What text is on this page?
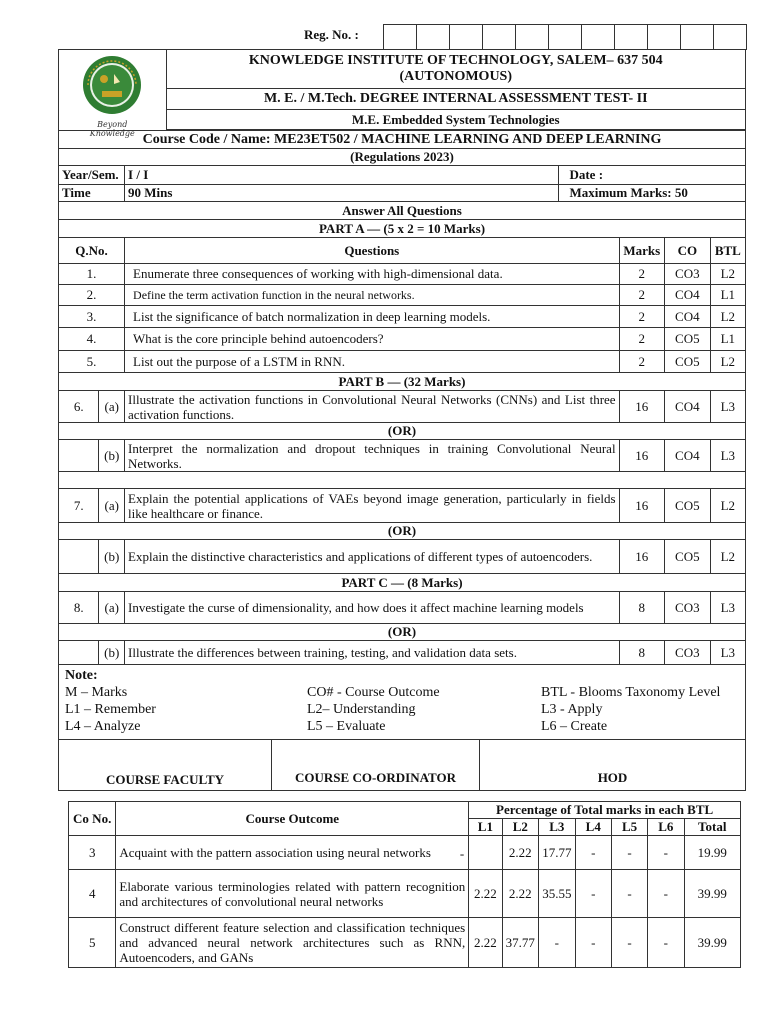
Reg. No. :
Beyond Knowledge

KNOWLEDGE INSTITUTE OF TECHNOLOGY, SALEM– 637 504
(AUTONOMOUS)

M. E. / M.Tech. DEGREE INTERNAL ASSESSMENT TEST- II
M.E. Embedded System Technologies

Course Code / Name: ME23ET502 / MACHINE LEARNING AND DEEP LEARNING
(Regulations 2023)
Year/Sem.	I / I	Date :
Time	90 Mins	Maximum Marks: 50
Answer All Questions
PART A — (5 x 2 = 10 Marks)
Q.No.	Questions	Marks	CO	BTL
1.	Enumerate three consequences of working with high-dimensional data.	2	CO3	L2
2.	Define the term activation function in the neural networks.	2	CO4	L1
3.	List the significance of batch normalization in deep learning models.	2	CO4	L2
4.	What is the core principle behind autoencoders?	2	CO5	L1
5.	List out the purpose of a LSTM in RNN.	2	CO5	L2
PART B — (32 Marks)
6.	(a)	Illustrate the activation functions in Convolutional Neural Networks (CNNs) and List three activation functions.	16	CO4	L3
(OR)
	(b)	Interpret the normalization and dropout techniques in training Convolutional Neural Networks.	16	CO4	L3

7.	(a)	Explain the potential applications of VAEs beyond image generation, particularly in fields like healthcare or finance.	16	CO5	L2
(OR)
	(b)	Explain the distinctive characteristics and applications of different types of autoencoders.	16	CO5	L2
PART C — (8 Marks)
8.	(a)	Investigate the curse of dimensionality, and how does it affect machine learning models	8	CO3	L3
(OR)
	(b)	Illustrate the differences between training, testing, and validation data sets.	8	CO3	L3

Note:
M – Marks	CO# - Course Outcome	BTL - Blooms Taxonomy Level
L1 – Remember	L2– Understanding	L3 - Apply
L4 – Analyze	L5 – Evaluate	L6 – Create

COURSE FACULTY	COURSE CO-ORDINATOR	HOD
Co No.	Course Outcome	Percentage of Total marks in each BTL						
		L1	L2	L3	L4	L5	L6	Total
3	Acquaint with the pattern association using neural networks -		2.22	17.77	-	-	-	19.99
4	Elaborate various terminologies related with pattern recognition and architectures of convolutional neural networks	2.22	2.22	35.55	-	-	-	39.99
5	Construct different feature selection and classification techniques and advanced neural network architectures such as RNN, Autoencoders, and GANs	2.22	37.77	-	-	-	-	39.99
